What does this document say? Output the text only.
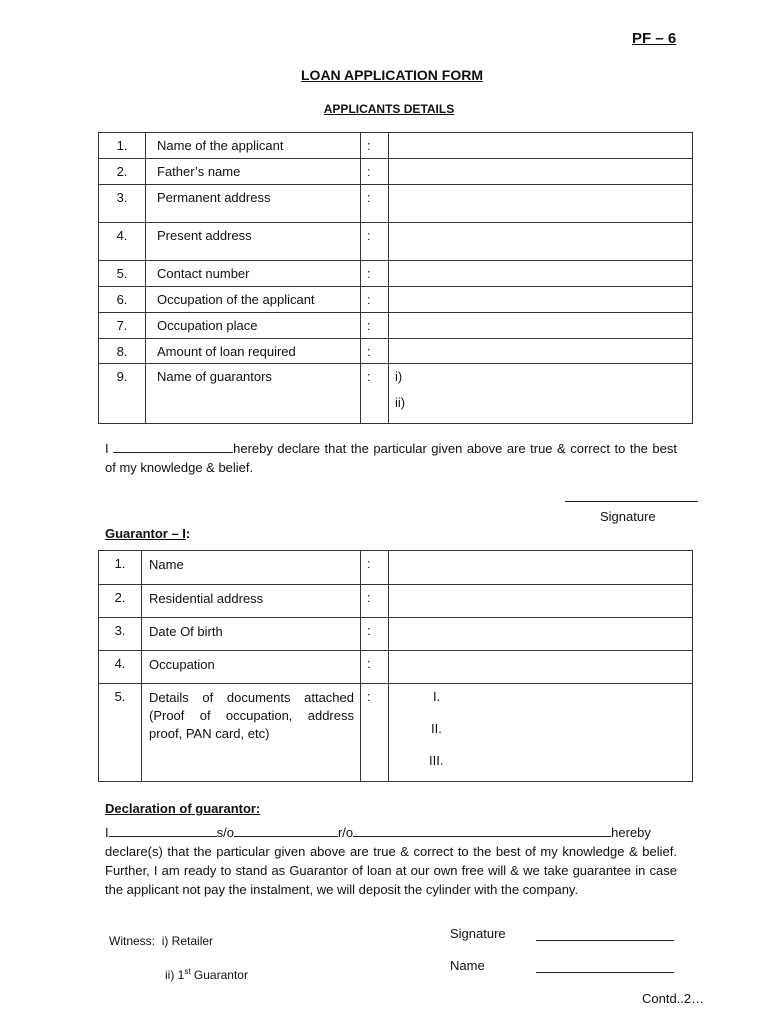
PF – 6
LOAN APPLICATION FORM
APPLICANTS DETAILS
1.	Name of the applicant	:	
2.	Father’s name	:	
3.	Permanent address	:	
4.	Present address	:	
5.	Contact number	:	
6.	Occupation of the applicant	:	
7.	Occupation place	:	
8.	Amount of loan required	:	
9.	Name of guarantors	:	i)
ii)
I	hereby declare that the particular given above are true & correct to the best of my knowledge & belief.
Signature
Guarantor – I:
1.	Name	:	
2.	Residential address	:	
3.	Date Of birth	:	
4.	Occupation	:	
5.	Details of documents attached (Proof of occupation, address proof, PAN card, etc)	:	I.
II.
III.
Declaration of guarantor:
I	s/o	r/o	hereby
declare(s) that the particular given above are true & correct to the best of my knowledge & belief. Further, I am ready to stand as Guarantor of loan at our own free will & we take guarantee in case the applicant not pay the instalment, we will deposit the cylinder with the company.
Witness: i) Retailer
ii) 1st Guarantor
Signature
Name
Contd..2…
